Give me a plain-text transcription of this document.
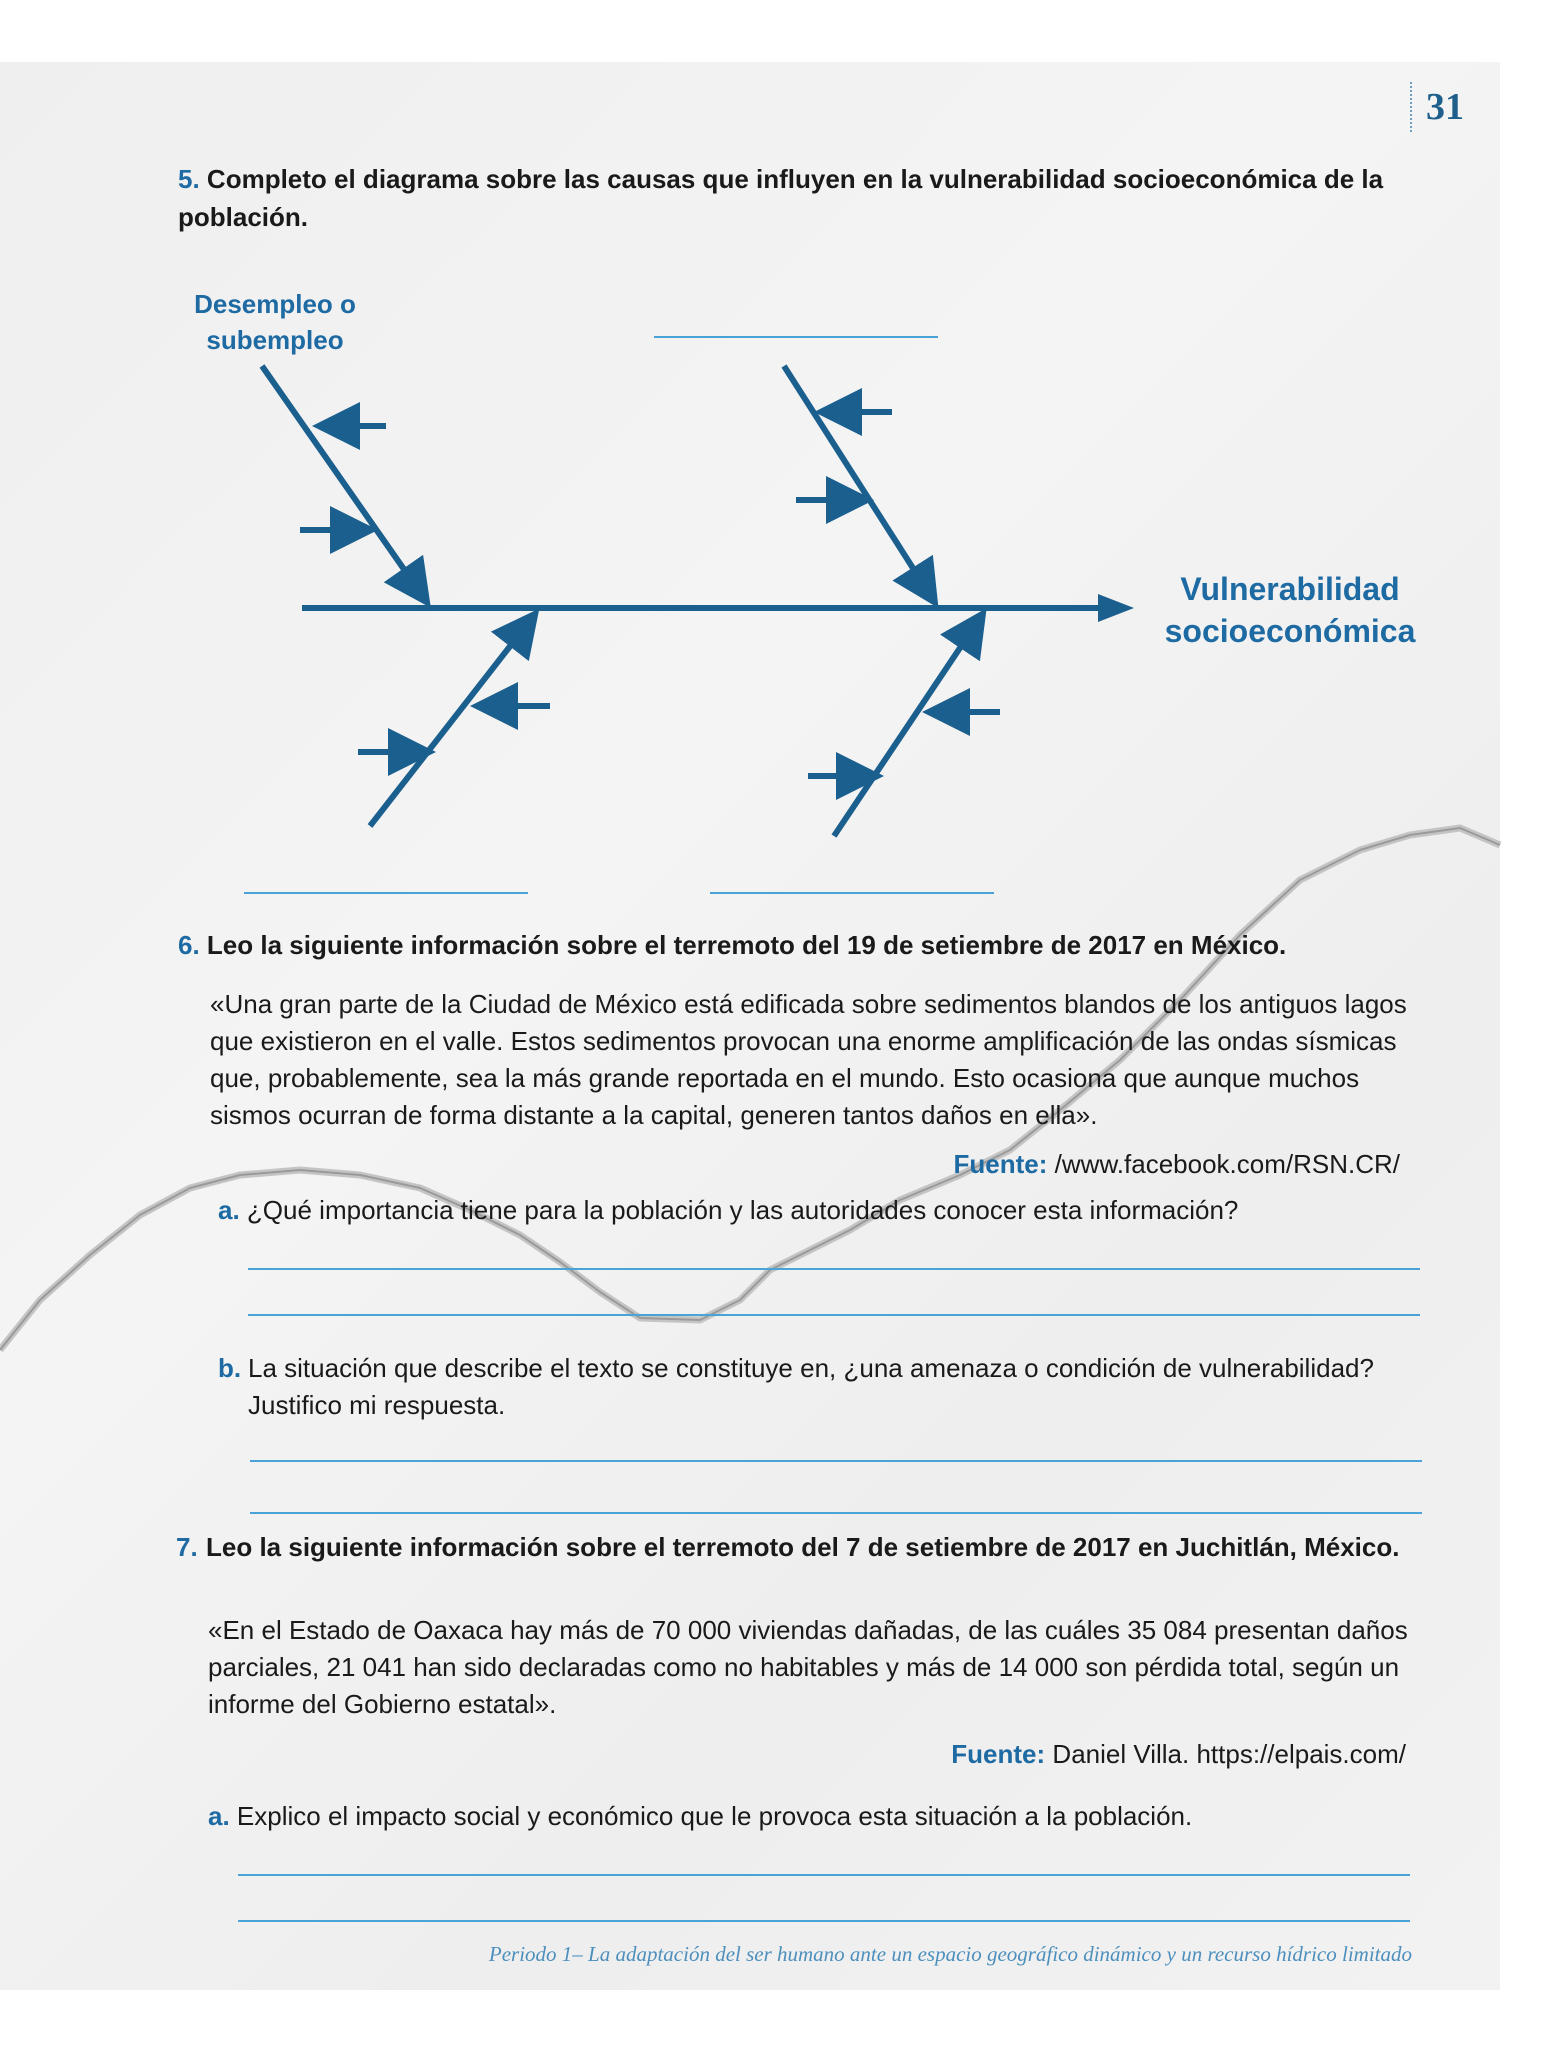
31
5. Completo el diagrama sobre las causas que influyen en la vulnerabilidad socioeconómica de la población.
Desempleo o subempleo
Vulnerabilidad socioeconómica
6. Leo la siguiente información sobre el terremoto del 19 de setiembre de 2017 en México.
«Una gran parte de la Ciudad de México está edificada sobre sedimentos blandos de los antiguos lagos que existieron en el valle. Estos sedimentos provocan una enorme amplificación de las ondas sísmicas que, probablemente, sea la más grande reportada en el mundo. Esto ocasiona que aunque muchos sismos ocurran de forma distante a la capital, generen tantos daños en ella».
Fuente: /www.facebook.com/RSN.CR/
a. ¿Qué importancia tiene para la población y las autoridades conocer esta información?
b. La situación que describe el texto se constituye en, ¿una amenaza o condición de vulnerabilidad? Justifico mi respuesta.
7. Leo la siguiente información sobre el terremoto del 7 de setiembre de 2017 en Juchitlán, México.
«En el Estado de Oaxaca hay más de 70 000 viviendas dañadas, de las cuáles 35 084 presentan daños parciales, 21 041 han sido declaradas como no habitables y más de 14 000 son pérdida total, según un informe del Gobierno estatal».
Fuente: Daniel Villa. https://elpais.com/
a. Explico el impacto social y económico que le provoca esta situación a la población.
Periodo 1– La adaptación del ser humano ante un espacio geográfico dinámico y un recurso hídrico limitado
